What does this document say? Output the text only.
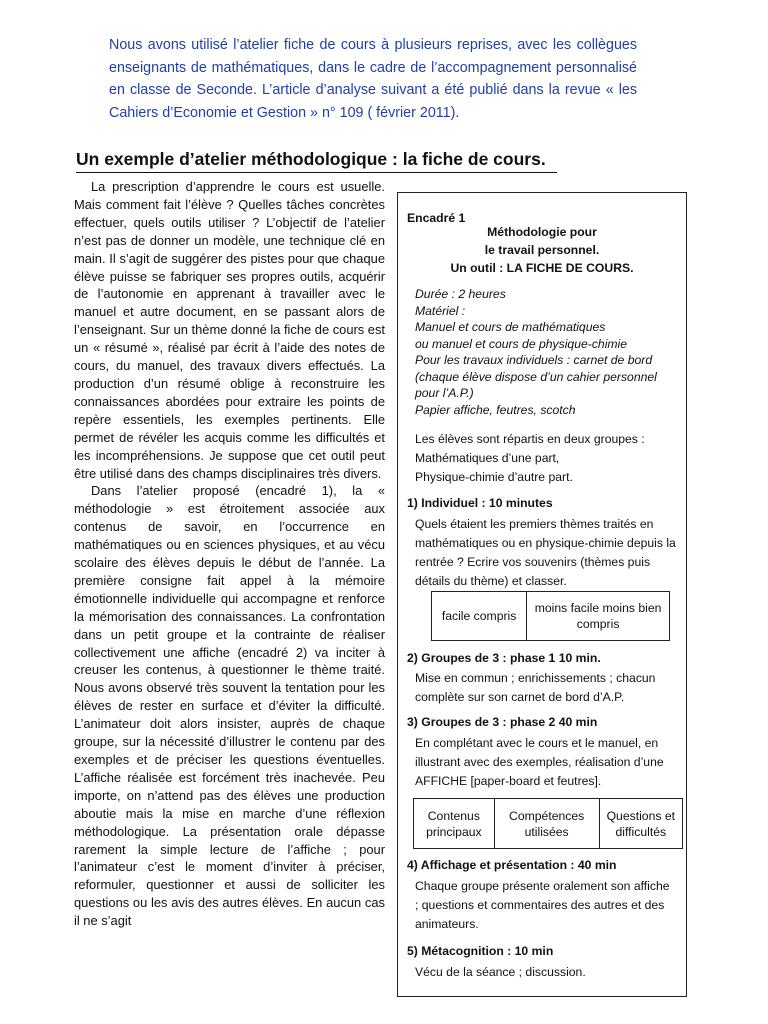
Nous avons utilisé l’atelier fiche de cours à plusieurs reprises, avec les collègues enseignants de mathématiques, dans le cadre de l’accompagnement personnalisé en classe de Seconde. L’article d’analyse suivant a été publié dans la revue « les Cahiers d’Economie et Gestion » n° 109 ( février 2011).
Un exemple d’atelier méthodologique : la fiche de cours.

La prescription d’apprendre le cours est usuelle. Mais comment fait l’élève ? Quelles tâches concrètes effectuer, quels outils utiliser ? L’objectif de l’atelier n’est pas de donner un modèle, une technique clé en main. Il s’agit de suggérer des pistes pour que chaque élève puisse se fabriquer ses propres outils, acquérir de l’autonomie en apprenant à travailler avec le manuel et autre document, en se passant alors de l’enseignant. Sur un thème donné la fiche de cours est un « résumé », réalisé par écrit à l’aide des notes de cours, du manuel, des travaux divers effectués. La production d’un résumé oblige à reconstruire les connaissances abordées pour extraire les points de repère essentiels, les exemples pertinents. Elle permet de révéler les acquis comme les difficultés et les incompréhensions. Je suppose que cet outil peut être utilisé dans des champs disciplinaires très divers.

Dans l’atelier proposé (encadré 1), la « méthodologie » est étroitement associée aux contenus de savoir, en l’occurrence en mathématiques ou en sciences physiques, et au vécu scolaire des élèves depuis le début de l’année. La première consigne fait appel à la mémoire émotionnelle individuelle qui accompagne et renforce la mémorisation des connaissances. La confrontation dans un petit groupe et la contrainte de réaliser collectivement une affiche (encadré 2) va inciter à creuser les contenus, à questionner le thème traité. Nous avons observé très souvent la tentation pour les élèves de rester en surface et d’éviter la difficulté. L’animateur doit alors insister, auprès de chaque groupe, sur la nécessité d’illustrer le contenu par des exemples et de préciser les questions éventuelles. L’affiche réalisée est forcément très inachevée. Peu importe, on n’attend pas des élèves une production aboutie mais la mise en marche d’une réflexion méthodologique. La présentation orale dépasse rarement la simple lecture de l’affiche ; pour l’animateur c’est le moment d’inviter à préciser, reformuler, questionner et aussi de solliciter les questions ou les avis des autres élèves. En aucun cas il ne s’agit

Encadré 1
Méthodologie pour
le travail personnel.
Un outil : LA FICHE DE COURS.
Durée : 2 heures
Matériel :
Manuel et cours de mathématiques
ou manuel et cours de physique-chimie
Pour les travaux individuels : carnet de bord
(chaque élève dispose d’un cahier personnel
pour l’A.P.)
Papier affiche, feutres, scotch
Les élèves sont répartis en deux groupes :
Mathématiques d’une part,
Physique-chimie d’autre part.
1) Individuel : 10 minutes
Quels étaient les premiers thèmes traités en mathématiques ou en physique-chimie depuis la rentrée ? Ecrire vos souvenirs (thèmes puis détails du thème) et classer.
facile compris	moins facile moins bien compris
2) Groupes de 3 : phase 1 10 min.
Mise en commun ; enrichissements ; chacun complète sur son carnet de bord d’A.P.
3) Groupes de 3 : phase 2 40 min
En complétant avec le cours et le manuel, en illustrant avec des exemples, réalisation d’une AFFICHE [paper-board et feutres].
Contenus principaux	Compétences utilisées	Questions et difficultés
4) Affichage et présentation : 40 min
Chaque groupe présente oralement son affiche ; questions et commentaires des autres et des animateurs.
5) Métacognition : 10 min
Vécu de la séance ; discussion.
